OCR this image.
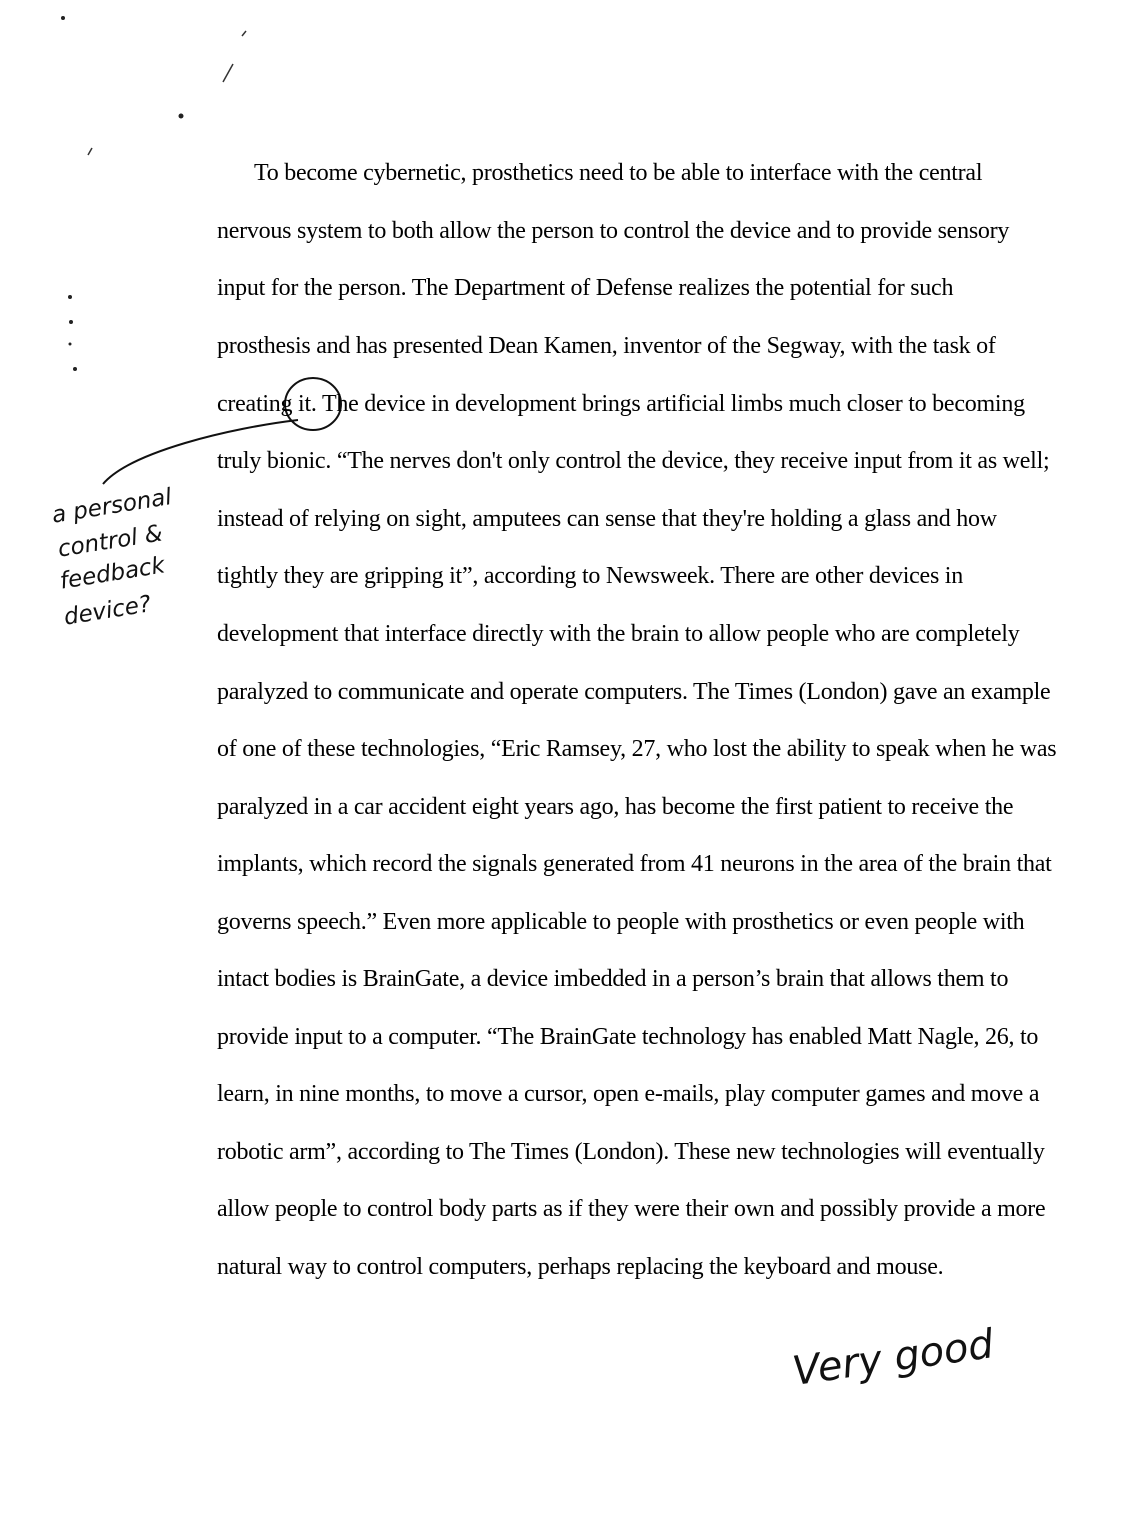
To become cybernetic, prosthetics need to be able to interface with the central
nervous system to both allow the person to control the device and to provide sensory
input for the person. The Department of Defense realizes the potential for such
prosthesis and has presented Dean Kamen, inventor of the Segway, with the task of
creating it. The device in development brings artificial limbs much closer to becoming
truly bionic. “The nerves don't only control the device, they receive input from it as well;
instead of relying on sight, amputees can sense that they're holding a glass and how
tightly they are gripping it”, according to Newsweek. There are other devices in
development that interface directly with the brain to allow people who are completely
paralyzed to communicate and operate computers. The Times (London) gave an example
of one of these technologies, “Eric Ramsey, 27, who lost the ability to speak when he was
paralyzed in a car accident eight years ago, has become the first patient to receive the
implants, which record the signals generated from 41 neurons in the area of the brain that
governs speech.” Even more applicable to people with prosthetics or even people with
intact bodies is BrainGate, a device imbedded in a person’s brain that allows them to
provide input to a computer. “The BrainGate technology has enabled Matt Nagle, 26, to
learn, in nine months, to move a cursor, open e-mails, play computer games and move a
robotic arm”, according to The Times (London). These new technologies will eventually
allow people to control body parts as if they were their own and possibly provide a more
natural way to control computers, perhaps replacing the keyboard and mouse.
a personal
control &
feedback
device?
Very good
